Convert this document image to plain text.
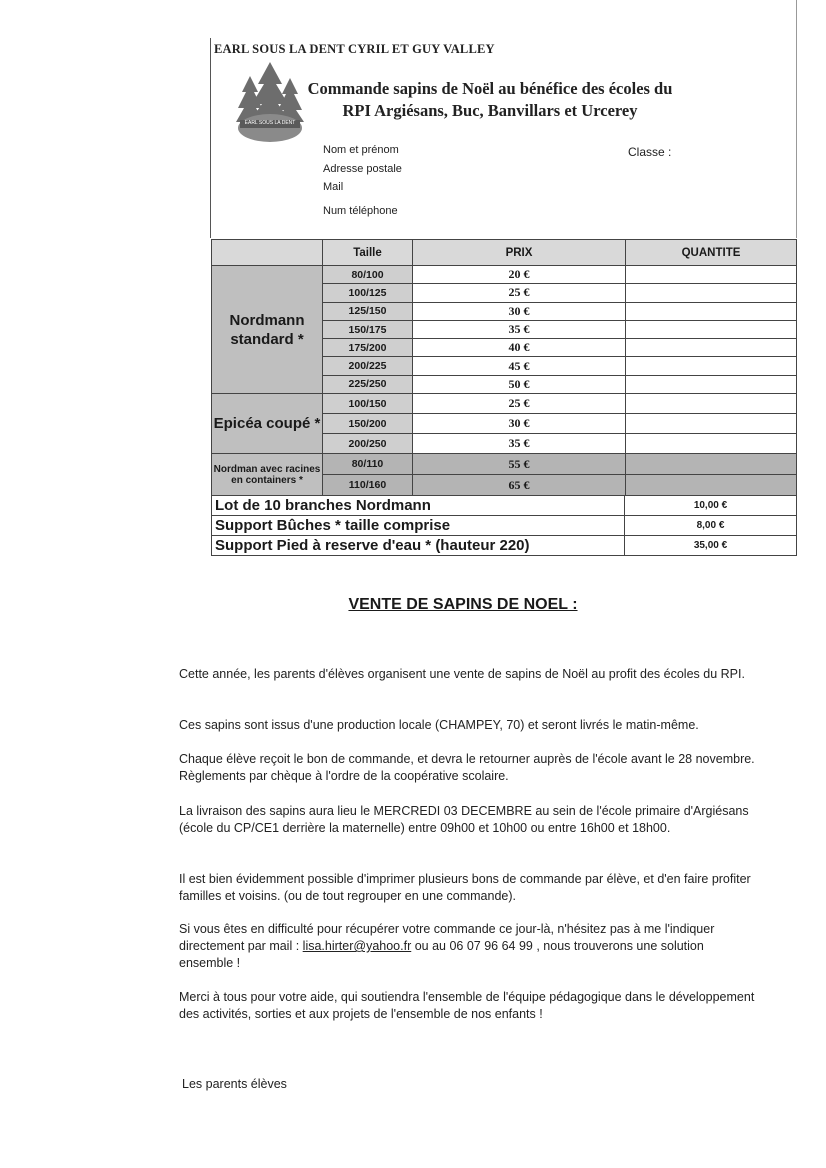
EARL SOUS LA DENT CYRIL ET GUY VALLEY
EARL SOUS LA DENT
Commande sapins de Noël au bénéfice des écoles du
RPI Argiésans, Buc, Banvillars et Urcerey
Nom et prénom
Adresse postale
Mail
Num téléphone
Classe :
	Taille	PRIX	QUANTITE
Nordmann standard *	80/100	20 €	
	100/125	25 €	
	125/150	30 €	
	150/175	35 €	
	175/200	40 €	
	200/225	45 €	
	225/250	50 €	
Epicéa coupé *	100/150	25 €	
	150/200	30 €	
	200/250	35 €	
Nordman avec racines en containers *	80/110	55 €	
	110/160	65 €	
Lot de 10 branches Nordmann	10,00 €
Support Bûches * taille comprise	8,00 €
Support Pied à reserve d'eau * (hauteur 220)	35,00 €
VENTE DE SAPINS DE NOEL :
Cette année, les parents d'élèves organisent une vente de sapins de Noël au profit des écoles du RPI.
Ces sapins sont issus d'une production locale (CHAMPEY, 70) et seront livrés le matin-même.
Chaque élève reçoit le bon de commande, et devra le retourner auprès de l'école avant le 28 novembre. Règlements par chèque à l'ordre de la coopérative scolaire.
La livraison des sapins aura lieu le MERCREDI 03 DECEMBRE au sein de l'école primaire d'Argiésans (école du CP/CE1 derrière la maternelle) entre 09h00 et 10h00 ou entre 16h00 et 18h00.
Il est bien évidemment possible d'imprimer plusieurs bons de commande par élève, et d'en faire profiter familles et voisins. (ou de tout regrouper en une commande).
Si vous êtes en difficulté pour récupérer votre commande ce jour-là, n'hésitez pas à me l'indiquer directement par mail : lisa.hirter@yahoo.fr ou au 06 07 96 64 99 , nous trouverons une solution ensemble !
Merci à tous pour votre aide, qui soutiendra l'ensemble de l'équipe pédagogique dans le développement des activités, sorties et aux projets de l'ensemble de nos enfants !
Les parents élèves
